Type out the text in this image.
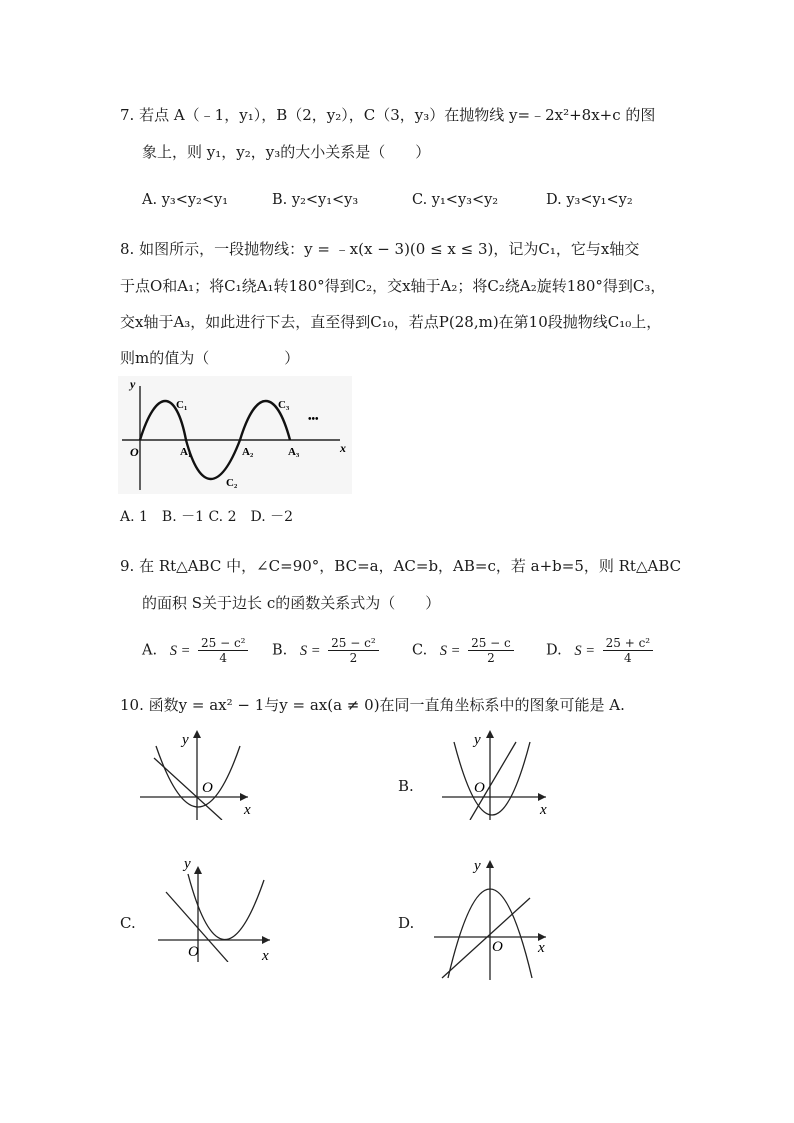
7. 若点 A（﹣1，y₁），B（2，y₂），C（3，y₃）在抛物线 y=﹣2x²+8x+c 的图
象上，则 y₁，y₂，y₃的大小关系是（　　）
A. y₃<y₂<y₁	B. y₂<y₁<y₃	C. y₁<y₃<y₂	D. y₃<y₁<y₂
8. 如图所示，一段抛物线：y = ﹣x(x − 3)(0 ≤ x ≤ 3)，记为C₁，它与x轴交
于点O和A₁；将C₁绕A₁转180°得到C₂，交x轴于A₂；将C₂绕A₂旋转180°得到C₃，
交x轴于A₃，如此进行下去，直至得到C₁₀，若点P(28,m)在第10段抛物线C₁₀上，
则m的值为（　　　　　）
y
x
O
C₁
C₂
C₃
A₁	A₂	A₃
•••
A. 1　B. －1 C. 2　D. －2
9. 在 Rt△ABC 中，∠C=90°，BC=a，AC=b，AB=c，若 a+b=5，则 Rt△ABC
的面积 S关于边长 c的函数关系式为（　　）
A. $S = \frac{\text{25 − c²}}{4} B$. $S = \frac{\text{25 − c²}}{2} C$. $S = \frac{25 - c}{2} D$. $S = \frac{\text{25 + c²}}{4}$
10. 函数y = ax² − 1与y = ax(a ≠ 0)在同一直角坐标系中的图象可能是 A.
y
x
O	B.
y
x
O
C.
y
x
O
D.
y
x
O
